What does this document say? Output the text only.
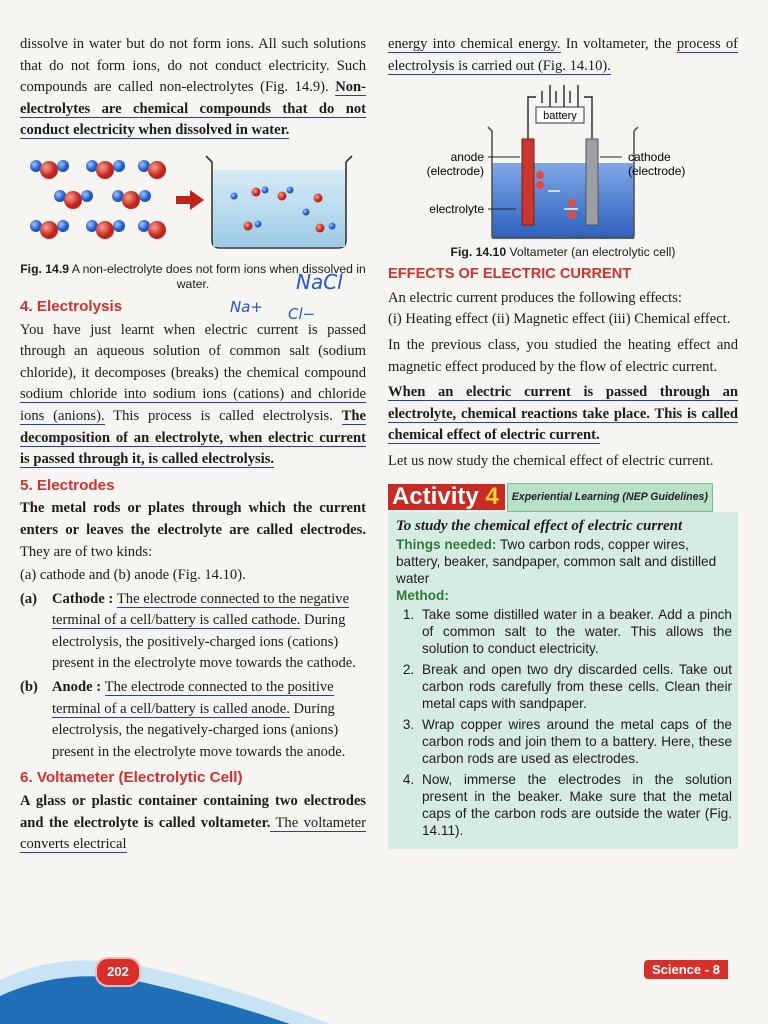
dissolve in water but do not form ions. All such solutions that do not form ions, do not conduct electricity. Such compounds are called non-electrolytes (Fig. 14.9). Non-electrolytes are chemical compounds that do not conduct electricity when dissolved in water.

Fig. 14.9 A non-electrolyte does not form ions when dissolved in water.
4. Electrolysis

You have just learnt when electric current is passed through an aqueous solution of common salt (sodium chloride), it decomposes (breaks) the chemical compound sodium chloride into sodium ions (cations) and chloride ions (anions). This process is called electrolysis. The decomposition of an electrolyte, when electric current is passed through it, is called electrolysis.

5. Electrodes

The metal rods or plates through which the current enters or leaves the electrolyte are called electrodes. They are of two kinds:

(a) cathode and (b) anode (Fig. 14.10).

(a)	Cathode : The electrode connected to the negative terminal of a cell/battery is called cathode. During electrolysis, the positively-charged ions (cations) present in the electrolyte move towards the cathode.
(b) Anode : The electrode connected to the positive terminal of a cell/battery is called anode. During electrolysis, the negatively-charged ions (anions) present in the electrolyte move towards the anode.
6. Voltameter (Electrolytic Cell)

A glass or plastic container containing two electrodes and the electrolyte is called voltameter. The voltameter converts electrical

NaCl
Na+ Cl−

energy into chemical energy. In voltameter, the process of electrolysis is carried out (Fig. 14.10).

battery
anode
(electrode)
cathode
(electrode)
electrolyte
Fig. 14.10 Voltameter (an electrolytic cell)
EFFECTS OF ELECTRIC CURRENT

An electric current produces the following effects:

(i) Heating effect (ii) Magnetic effect (iii) Chemical effect.

In the previous class, you studied the heating effect and magnetic effect produced by the flow of electric current.

When an electric current is passed through an electrolyte, chemical reactions take place. This is called chemical effect of electric current.

Let us now study the chemical effect of electric current.

Activity 4	Experiential Learning (NEP Guidelines)
To study the chemical effect of electric current
Things needed: Two carbon rods, copper wires, battery, beaker, sandpaper, common salt and distilled water
Method:
1. Take some distilled water in a beaker. Add a pinch of common salt to the water. This allows the solution to conduct electricity.
2. Break and open two dry discarded cells. Take out carbon rods carefully from these cells. Clean their metal caps with sandpaper.
3. Wrap copper wires around the metal caps of the carbon rods and join them to a battery. Here, these carbon rods are used as electrodes.
4. Now, immerse the electrodes in the solution present in the beaker. Make sure that the metal caps of the carbon rods are outside the water (Fig. 14.11).
202	Science - 8
